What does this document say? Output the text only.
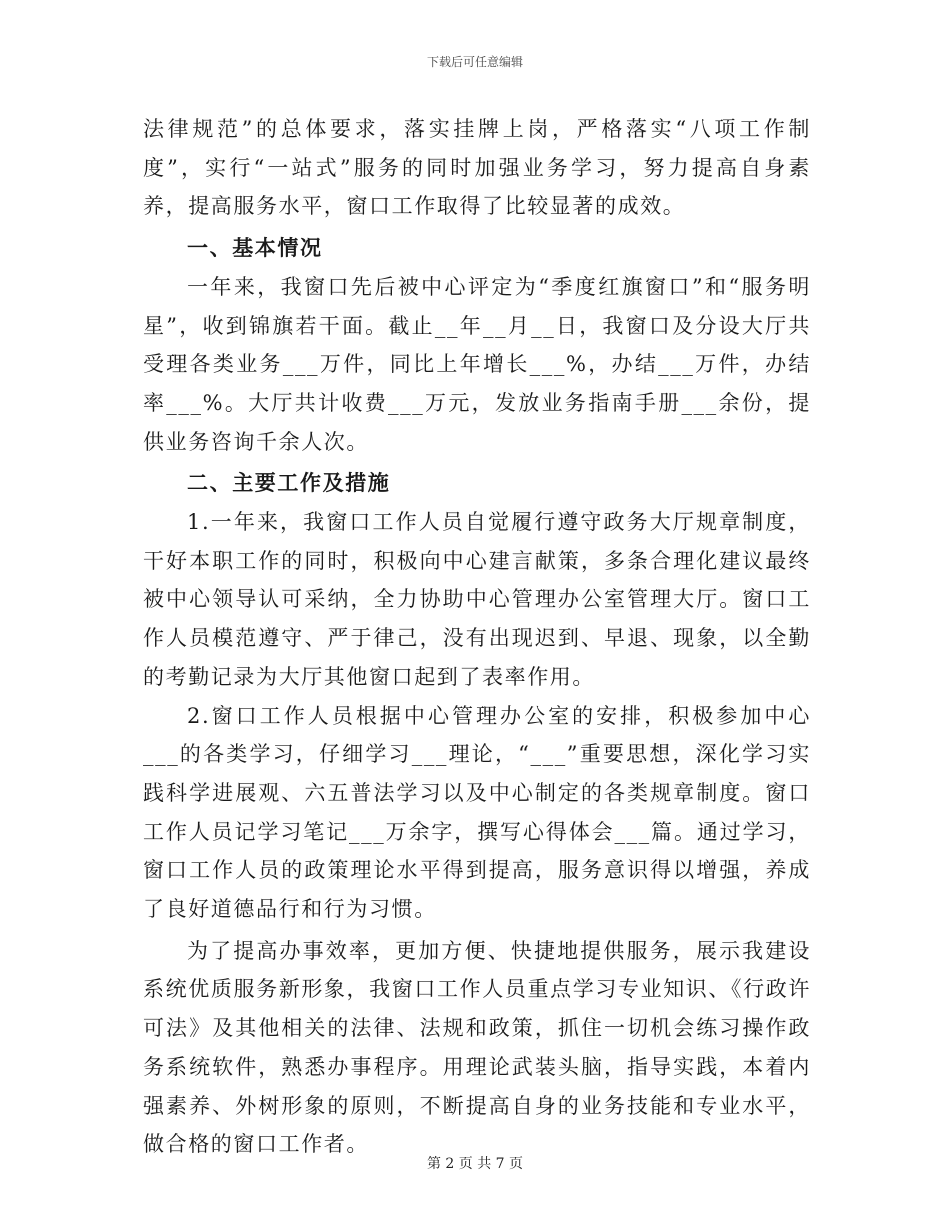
下载后可任意编辑

法律规范”的总体要求，落实挂牌上岗，严格落实“八项工作制度”，实行“一站式”服务的同时加强业务学习，努力提高自身素养，提高服务水平，窗口工作取得了比较显著的成效。

一、基本情况

一年来，我窗口先后被中心评定为“季度红旗窗口”和“服务明星”，收到锦旗若干面。截止__年__月__日，我窗口及分设大厅共受理各类业务___万件，同比上年增长___%，办结___万件，办结率___%。大厅共计收费___万元，发放业务指南手册___余份，提供业务咨询千余人次。

二、主要工作及措施

1.一年来，我窗口工作人员自觉履行遵守政务大厅规章制度，干好本职工作的同时，积极向中心建言献策，多条合理化建议最终被中心领导认可采纳，全力协助中心管理办公室管理大厅。窗口工作人员模范遵守、严于律己，没有出现迟到、早退、现象，以全勤的考勤记录为大厅其他窗口起到了表率作用。

2.窗口工作人员根据中心管理办公室的安排，积极参加中心___的各类学习，仔细学习___理论，“___”重要思想，深化学习实践科学进展观、六五普法学习以及中心制定的各类规章制度。窗口工作人员记学习笔记___万余字，撰写心得体会___篇。通过学习，窗口工作人员的政策理论水平得到提高，服务意识得以增强，养成了良好道德品行和行为习惯。

为了提高办事效率，更加方便、快捷地提供服务，展示我建设系统优质服务新形象，我窗口工作人员重点学习专业知识、《行政许可法》及其他相关的法律、法规和政策，抓住一切机会练习操作政务系统软件，熟悉办事程序。用理论武装头脑，指导实践，本着内强素养、外树形象的原则，不断提高自身的业务技能和专业水平，做合格的窗口工作者。

第 2 页 共 7 页
